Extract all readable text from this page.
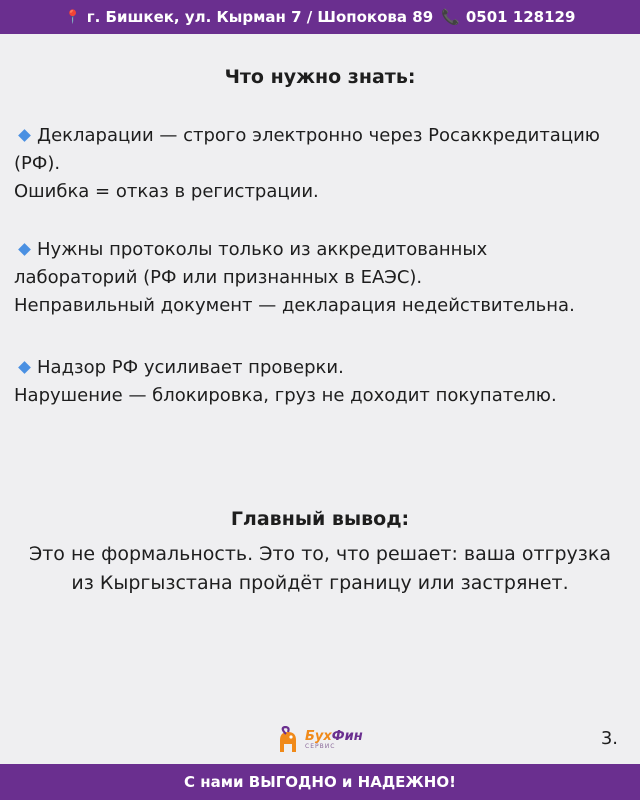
📍 г. Бишкек, ул. Кырман 7 / Шопокова 89 📞 0501 128129
Что нужно знать:
Декларации — строго электронно через Росаккредитацию
(РФ).
Ошибка = отказ в регистрации.
Нужны протоколы только из аккредитованных
лабораторий (РФ или признанных в ЕАЭС).
Неправильный документ — декларация недействительна.
Надзор РФ усиливает проверки.
Нарушение — блокировка, груз не доходит покупателю.
Главный вывод:
Это не формальность. Это то, что решает: ваша отгрузка
из Кыргызстана пройдёт границу или застрянет.
БухФин
СЕРВИС	3.
С нами ВЫГОДНО и НАДЕЖНО!
